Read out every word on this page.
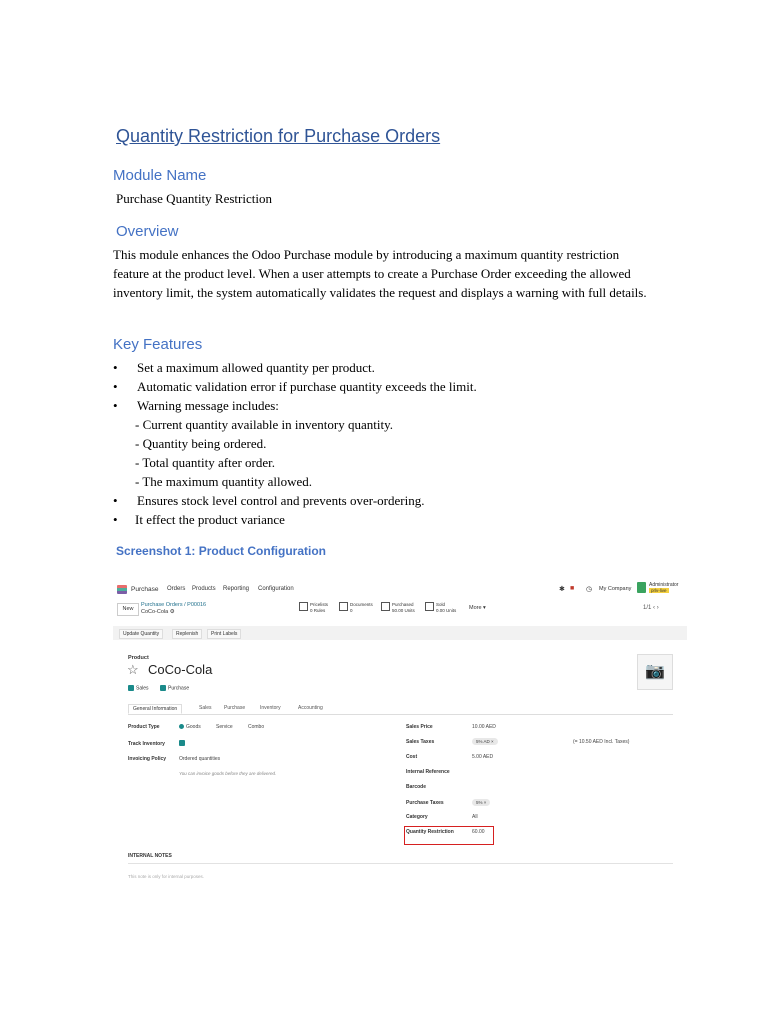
Quantity Restriction for Purchase Orders
Module Name

Purchase Quantity Restriction

Overview

This module enhances the Odoo Purchase module by introducing a maximum quantity restriction feature at the product level. When a user attempts to create a Purchase Order exceeding the allowed inventory limit, the system automatically validates the request and displays a warning with full details.

Key Features
• Set a maximum allowed quantity per product.
• Automatic validation error if purchase quantity exceeds the limit.
• Warning message includes:
- Current quantity available in inventory quantity.
- Quantity being ordered.
- Total quantity after order.
- The maximum quantity allowed.
• Ensures stock level control and prevents over-ordering.
• It effect the product variance
Screenshot 1: Product Configuration
Purchase Orders Products Reporting Configuration	✱ ■ ◷ My Company
Administrator
prlv-live
New
Purchase Orders / P00016
CoCo-Cola ⚙
Pricelists
0 Rules
Documents
0
Purchased
50.00 Units
Sold
0.00 Units More ▾	1/1 ‹ ›
Update Quantity	Replenish	Print Labels
Product
☆ CoCo-Cola	📷
Sales	Purchase
General Information	Sales	Purchase	Inventory	Accounting
Product Type	Goods	Service	Combo
Track Inventory
Invoicing Policy	Ordered quantities
You can invoice goods before they are delivered.
Sales Price	10.00 AED
Sales Taxes	5% AD ×	(= 10.50 AED Incl. Taxes)
Cost	5.00 AED
Internal Reference
Barcode
Purchase Taxes	5% ×
Category	All
Quantity Restriction	60.00
INTERNAL NOTES
This note is only for internal purposes.
